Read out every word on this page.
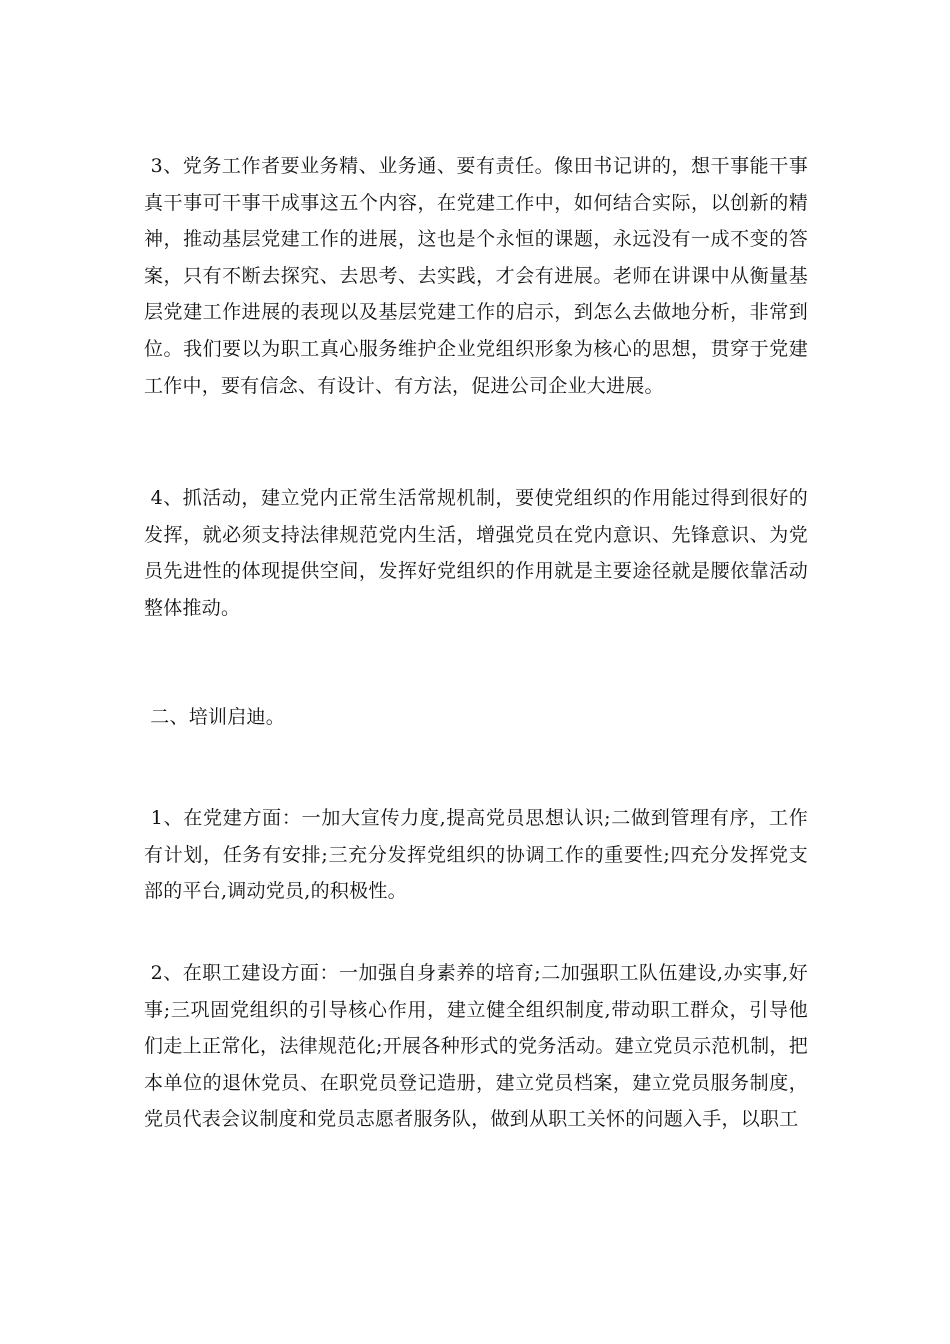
3、党务工作者要业务精、业务通、要有责任。像田书记讲的，想干事能干事真干事可干事干成事这五个内容，在党建工作中，如何结合实际，以创新的精神，推动基层党建工作的进展，这也是个永恒的课题，永远没有一成不变的答案，只有不断去探究、去思考、去实践，才会有进展。老师在讲课中从衡量基层党建工作进展的表现以及基层党建工作的启示，到怎么去做地分析，非常到位。我们要以为职工真心服务维护企业党组织形象为核心的思想，贯穿于党建工作中，要有信念、有设计、有方法，促进公司企业大进展。

4、抓活动，建立党内正常生活常规机制，要使党组织的作用能过得到很好的发挥，就必须支持法律规范党内生活，增强党员在党内意识、先锋意识、为党员先进性的体现提供空间，发挥好党组织的作用就是主要途径就是腰依靠活动整体推动。

二、培训启迪。

1、在党建方面：一加大宣传力度,提高党员思想认识;二做到管理有序，工作有计划，任务有安排;三充分发挥党组织的协调工作的重要性;四充分发挥党支部的平台,调动党员,的积极性。

2、在职工建设方面：一加强自身素养的培育;二加强职工队伍建设,办实事,好事;三巩固党组织的引导核心作用，建立健全组织制度,带动职工群众，引导他们走上正常化，法律规范化;开展各种形式的党务活动。建立党员示范机制，把本单位的退休党员、在职党员登记造册，建立党员档案，建立党员服务制度，党员代表会议制度和党员志愿者服务队，做到从职工关怀的问题入手，以职工
